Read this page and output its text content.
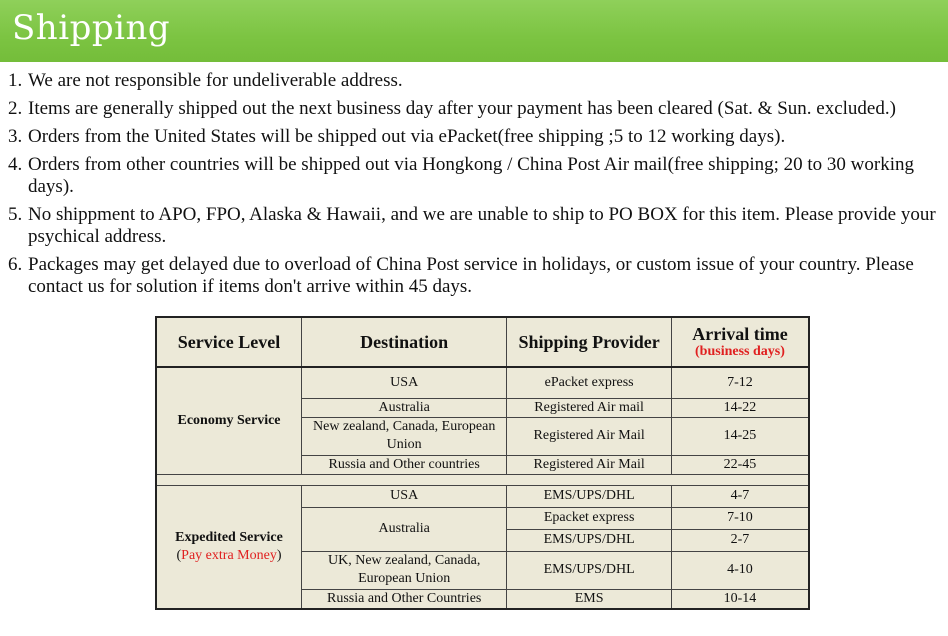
Shipping
1. We are not responsible for undeliverable address.
2. Items are generally shipped out the next business day after your payment has been cleared (Sat. & Sun. excluded.)
3. Orders from the United States will be shipped out via ePacket(free shipping ;5 to 12 working days).
4. Orders from other countries will be shipped out via Hongkong / China Post Air mail(free shipping; 20 to 30 working days).
5. No shippment to APO, FPO, Alaska & Hawaii, and we are unable to ship to PO BOX for this item. Please provide your psychical address.
6. Packages may get delayed due to overload of China Post service in holidays, or custom issue of your country. Please contact us for solution if items don't arrive within 45 days.
Service Level	Destination	Shipping Provider	Arrival time
(business days)

Economy Service	USA	ePacket express	7-12
	Australia	Registered Air mail	14-22
	New zealand, Canada, European Union	Registered Air Mail	14-25
	Russia and Other countries	Registered Air Mail	22-45

Expedited Service
(Pay extra Money)	USA	EMS/UPS/DHL	4-7
	Australia	Epacket express	7-10
		EMS/UPS/DHL	2-7
	UK, New zealand, Canada, European Union	EMS/UPS/DHL	4-10
	Russia and Other Countries	EMS	10-14
